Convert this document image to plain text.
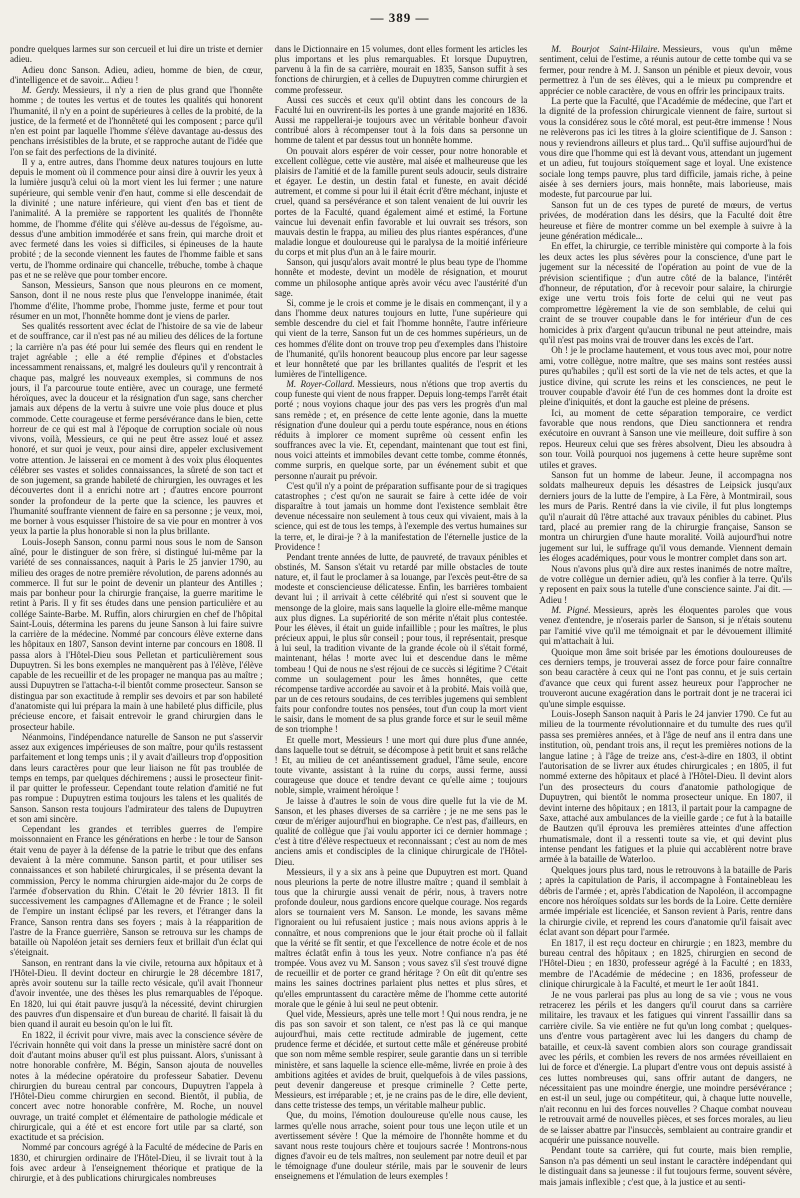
— 389 —

pondre quelques larmes sur son cercueil et lui dire un triste et dernier adieu.

Adieu donc Sanson. Adieu, adieu, homme de bien, de cœur, d'intelligence et de savoir... Adieu !

M. Gerdy. Messieurs, il n'y a rien de plus grand que l'honnête homme ; de toutes les vertus et de toutes les qualités qui honorent l'humanité, il n'y en a point de supérieures à celles de la probité, de la justice, de la fermeté et de l'honnêteté qui les composent ; parce qu'il n'en est point par laquelle l'homme s'élève davantage au-dessus des penchans irrésistibles de la brute, et se rapproche autant de l'idée que l'on se fait des perfections de la divinité.

Il y a, entre autres, dans l'homme deux natures toujours en lutte depuis le moment où il commence pour ainsi dire à ouvrir les yeux à la lumière jusqu'à celui où la mort vient les lui fermer ; une nature supérieure, qui semble venir d'en haut, comme si elle descendait de la divinité ; une nature inférieure, qui vient d'en bas et tient de l'animalité. A la première se rapportent les qualités de l'honnête homme, de l'homme d'élite qui s'élève au-dessus de l'égoïsme, au-dessus d'une ambition immodérée et sans frein, qui marche droit et avec fermeté dans les voies si difficiles, si épineuses de la haute probité ; de la seconde viennent les fautes de l'homme faible et sans vertu, de l'homme ordinaire qui chancelle, trébuche, tombe à chaque pas et ne se relève que pour tomber encore.

Sanson, Messieurs, Sanson que nous pleurons en ce moment, Sanson, dont il ne nous reste plus que l'enveloppe inanimée, était l'homme d'élite, l'homme probe, l'homme juste, ferme et pour tout résumer en un mot, l'honnête homme dont je viens de parler.

Ses qualités ressortent avec éclat de l'histoire de sa vie de labeur et de souffrance, car il n'est pas né au milieu des délices de la fortune ; la carrière n'a pas été pour lui semée des fleurs qui en rendent le trajet agréable ; elle a été remplie d'épines et d'obstacles incessamment renaissans, et, malgré les douleurs qu'il y rencontrait à chaque pas, malgré les nouveaux exemples, si communs de nos jours, il l'a parcourue toute entière, avec un courage, une fermeté héroïques, avec la douceur et la résignation d'un sage, sans chercher jamais aux dépens de la vertu à suivre une voie plus douce et plus commode. Cette courageuse et ferme persévérance dans le bien, cette horreur de ce qui est mal à l'époque de corruption sociale où nous vivons, voilà, Messieurs, ce qui ne peut être assez loué et assez honoré, et sur quoi je veux, pour ainsi dire, appeler exclusivement votre attention. Je laisserai en ce moment à des voix plus éloquentes célébrer ses vastes et solides connaissances, la sûreté de son tact et de son jugement, sa grande habileté de chirurgien, les ouvrages et les découvertes dont il a enrichi notre art ; d'autres encore pourront sonder la profondeur de la perte que la science, les pauvres et l'humanité souffrante viennent de faire en sa personne ; je veux, moi, me borner à vous esquisser l'histoire de sa vie pour en montrer à vos yeux la partie la plus honorable si non la plus brillante.

Louis-Joseph Sanson, connu parmi nous sous le nom de Sanson aîné, pour le distinguer de son frère, si distingué lui-même par la variété de ses connaissances, naquit à Paris le 25 janvier 1790, au milieu des orages de notre première révolution, de parens adonnés au commerce. Il fut sur le point de devenir un planteur des Antilles ; mais par bonheur pour la chirurgie française, la guerre maritime le retint à Paris. Il y fit ses études dans une pension particulière et au collége Sainte-Barbe. M. Ruffin, alors chirurgien en chef de l'hôpital Saint-Louis, détermina les parens du jeune Sanson à lui faire suivre la carrière de la médecine. Nommé par concours élève externe dans les hôpitaux en 1807, Sanson devint interne par concours en 1808. Il passa alors à l'Hôtel-Dieu sous Pelletan et particulièrement sous Dupuytren. Si les bons exemples ne manquèrent pas à l'élève, l'élève capable de les recueillir et de les propager ne manqua pas au maître ; aussi Dupuytren se l'attacha-t-il bientôt comme prosecteur. Sanson se distingua par son exactitude à remplir ses devoirs et par son habileté d'anatomiste qui lui prépara la main à une habileté plus difficile, plus précieuse encore, et faisait entrevoir le grand chirurgien dans le prosecteur habile.

Néanmoins, l'indépendance naturelle de Sanson ne put s'asservir assez aux exigences impérieuses de son maître, pour qu'ils restassent parfaitement et long temps unis ; il y avait d'ailleurs trop d'opposition dans leurs caractères pour que leur liaison ne fût pas troublée de temps en temps, par quelques déchiremens ; aussi le prosecteur finit-il par quitter le professeur. Cependant toute relation d'amitié ne fut pas rompue : Dupuytren estima toujours les talens et les qualités de Sanson. Sanson resta toujours l'admirateur des talens de Dupuytren et son ami sincère.

Cependant les grandes et terribles guerres de l'empire moissonnaient en France les générations en herbe : le tour de Sanson était venu de payer à la défense de la patrie le tribut que des enfans devaient à la mère commune. Sanson partit, et pour utiliser ses connaissances et son habileté chirurgicales, il se présenta devant la commission, Percy le nomma chirurgien aide-major du 2e corps de l'armée d'observation du Rhin. C'était le 20 février 1813. Il fit successivement les campagnes d'Allemagne et de France ; le soleil de l'empire un instant éclipsé par les revers, et l'étranger dans la France, Sanson rentra dans ses foyers ; mais à la réapparition de l'astre de la France guerrière, Sanson se retrouva sur les champs de bataille où Napoléon jetait ses derniers feux et brillait d'un éclat qui s'éteignait.

Sanson, en rentrant dans la vie civile, retourna aux hôpitaux et à l'Hôtel-Dieu. Il devint docteur en chirurgie le 28 décembre 1817, après avoir soutenu sur la taille recto vésicale, qu'il avait l'honneur d'avoir inventée, une des thèses les plus remarquables de l'époque. En 1820, lui qui était pauvre jusqu'à la nécessité, devint chirurgien des pauvres d'un dispensaire et d'un bureau de charité. Il faisait là du bien quand il aurait eu besoin qu'on le lui fît.

En 1822, il écrivit pour vivre, mais avec la conscience sévère de l'écrivain honnête qui voit dans la presse un ministère sacré dont on doit d'autant moins abuser qu'il est plus puissant. Alors, s'unissant à notre honorable confrère, M. Bégin, Sanson ajouta de nouvelles notes à la médecine opératoire du professeur Sabatier. Devenu chirurgien du bureau central par concours, Dupuytren l'appela à l'Hôtel-Dieu comme chirurgien en second. Bientôt, il publia, de concert avec notre honorable confrère, M. Roche, un nouvel ouvrage, un traité complet et élémentaire de pathologie médicale et chirurgicale, qui a été et est encore fort utile par sa clarté, son exactitude et sa précision.

Nommé par concours agrégé à la Faculté de médecine de Paris en 1830, et chirurgien ordinaire de l'Hôtel-Dieu, il se livrait tout à la fois avec ardeur à l'enseignement théorique et pratique de la chirurgie, et à des publications chirurgicales nombreuses

dans le Dictionnaire en 15 volumes, dont elles forment les articles les plus importans et les plus remarquables. Et lorsque Dupuytren, parvenu à la fin de sa carrière, mourait en 1835, Sanson suffit à ses fonctions de chirurgien, et à celles de Dupuytren comme chirurgien et comme professeur.

Aussi ces succès et ceux qu'il obtint dans les concours de la Faculté lui en ouvrirent-ils les portes à une grande majorité en 1836. Aussi me rappellerai-je toujours avec un véritable bonheur d'avoir contribué alors à récompenser tout à la fois dans sa personne un homme de talent et par dessus tout un honnête homme.

On pouvait alors espérer de voir cesser, pour notre honorable et excellent collègue, cette vie austère, mal aisée et malheureuse que les plaisirs de l'amitié et de la famille purent seuls adoucir, seuls distraire et égayer. Le destin, un destin fatal et funeste, en avait décidé autrement, et comme si pour lui il était écrit d'être méchant, injuste et cruel, quand sa persévérance et son talent venaient de lui ouvrir les portes de la Faculté, quand également aimé et estimé, la Fortune vaincue lui devenait enfin favorable et lui ouvrait ses trésors, son mauvais destin le frappa, au milieu des plus riantes espérances, d'une maladie longue et douloureuse qui le paralysa de la moitié inférieure du corps et mit plus d'un an à le faire mourir.

Sanson, qui jusqu'alors avait montré le plus beau type de l'homme honnête et modeste, devint un modèle de résignation, et mourut comme un philosophe antique après avoir vécu avec l'austérité d'un sage.

Si, comme je le crois et comme je le disais en commençant, il y a dans l'homme deux natures toujours en lutte, l'une supérieure qui semble descendre du ciel et fait l'homme honnête, l'autre inférieure qui vient de la terre, Sanson fut un de ces hommes supérieurs, un de ces hommes d'élite dont on trouve trop peu d'exemples dans l'histoire de l'humanité, qu'ils honorent beaucoup plus encore par leur sagesse et leur honnêteté que par les brillantes qualités de l'esprit et les lumières de l'intelligence.

M. Royer-Collard. Messieurs, nous n'étions que trop avertis du coup funeste qui vient de nous frapper. Depuis long-temps l'arrêt était porté ; nous voyions chaque jour des pas vers les progrès d'un mal sans remède ; et, en présence de cette lente agonie, dans la muette résignation d'une douleur qui a perdu toute espérance, nous en étions réduits à implorer ce moment suprême où cessent enfin les souffrances avec la vie. Et, cependant, maintenant que tout est fini, nous voici atteints et immobiles devant cette tombe, comme étonnés, comme surpris, en quelque sorte, par un événement subit et que personne n'aurait pu prévoir.

C'est qu'il n'y a point de préparation suffisante pour de si tragiques catastrophes ; c'est qu'on ne saurait se faire à cette idée de voir disparaître à tout jamais un homme dont l'existence semblait être devenue nécessaire non seulement à tous ceux qui vivaient, mais à la science, qui est de tous les temps, à l'exemple des vertus humaines sur la terre, et, le dirai-je ? à la manifestation de l'éternelle justice de la Providence !

Pendant trente années de lutte, de pauvreté, de travaux pénibles et obstinés, M. Sanson s'était vu retardé par mille obstacles de toute nature, et, il faut le proclamer à sa louange, par l'excès peut-être de sa modeste et consciencieuse délicatesse. Enfin, les barrières tombaient devant lui ; il arrivait à cette célébrité qui n'est si souvent que le mensonge de la gloire, mais sans laquelle la gloire elle-même manque aux plus dignes. La supériorité de son mérite n'était plus contestée. Pour les élèves, il était un guide infaillible ; pour les maîtres, le plus précieux appui, le plus sûr conseil ; pour tous, il représentait, presque à lui seul, la tradition vivante de la grande école où il s'était formé, maintenant, hélas ! morte avec lui et descendue dans le même tombeau ! Qui de nous ne s'est réjoui de ce succès si légitime ? C'était comme un soulagement pour les âmes honnêtes, que cette récompense tardive accordée au savoir et à la probité. Mais voilà que, par un de ces retours soudains, de ces terribles jugemens qui semblent faits pour confondre toutes nos pensées, tout d'un coup la mort vient le saisir, dans le moment de sa plus grande force et sur le seuil même de son triomphe !

Et quelle mort, Messieurs ! une mort qui dure plus d'une année, dans laquelle tout se détruit, se décompose à petit bruit et sans relâche ! Et, au milieu de cet anéantissement graduel, l'âme seule, encore toute vivante, assistant à la ruine du corps, aussi ferme, aussi courageuse que douce et tendre devant ce qu'elle aime ; toujours noble, simple, vraiment héroïque !

Je laisse à d'autres le soin de vous dire quelle fut la vie de M. Sanson, et les phases diverses de sa carrière ; je ne me sens pas le cœur de m'ériger aujourd'hui en biographe. Ce n'est pas, d'ailleurs, en qualité de collègue que j'ai voulu apporter ici ce dernier hommage ; c'est à titre d'élève respectueux et reconnaissant ; c'est au nom de mes anciens amis et condisciples de la clinique chirurgicale de l'Hôtel-Dieu.

Messieurs, il y a six ans à peine que Dupuytren est mort. Quand nous pleurions la perte de notre illustre maître ; quand il semblait à tous que la chirurgie aussi venait de périr, nous, à travers notre profonde douleur, nous gardions encore quelque courage. Nos regards alors se tournaient vers M. Sanson. Le monde, les savans même l'ignoraient ou lui refusaient justice ; mais nous avions appris à le connaître, et nous comprenions que le jour était proche où il fallait que la vérité se fît sentir, et que l'excellence de notre école et de nos maîtres éclatât enfin à tous les yeux. Notre confiance n'a pas été trompée. Vous avez vu M. Sanson ; vous savez s'il s'est trouvé digne de recueillir et de porter ce grand héritage ? On eût dit qu'entre ses mains les saines doctrines parlaient plus nettes et plus sûres, et qu'elles empruntassent du caractère même de l'homme cette autorité morale que le génie à lui seul ne peut obtenir.

Quel vide, Messieurs, après une telle mort ! Qui nous rendra, je ne dis pas son savoir et son talent, ce n'est pas là ce qui manque aujourd'hui, mais cette rectitude admirable de jugement, cette prudence ferme et décidée, et surtout cette mâle et généreuse probité que son nom même semble respirer, seule garantie dans un si terrible ministère, et sans laquelle la science elle-même, livrée en proie à des ambitions agitées et avides de bruit, quelquefois à de viles passions, peut devenir dangereuse et presque criminelle ? Cette perte, Messieurs, est irréparable ; et, je ne crains pas de le dire, elle devient, dans cette tristesse des temps, un véritable malheur public.

Que, du moins, l'émotion douloureuse qu'elle nous cause, les larmes qu'elle nous arrache, soient pour tous une leçon utile et un avertissement sévère ! Que la mémoire de l'honnête homme et du savant nous reste toujours chère et toujours sacrée ! Montrons-nous dignes d'avoir eu de tels maîtres, non seulement par notre deuil et par le témoignage d'une douleur stérile, mais par le souvenir de leurs enseignemens et l'émulation de leurs exemples !

M. Bourjot Saint-Hilaire. Messieurs, vous qu'un même sentiment, celui de l'estime, a réunis autour de cette tombe qui va se fermer, pour rendre à M. J. Sanson un pénible et pieux devoir, vous permettrez à l'un de ses élèves, qui a le mieux pu comprendre et apprécier ce noble caractère, de vous en offrir les principaux traits.

La perte que la Faculté, que l'Académie de médecine, que l'art et la dignité de la profession chirurgicale viennent de faire, surtout si vous la considérez sous le côté moral, est peut-être immense ! Nous ne relèverons pas ici les titres à la gloire scientifique de J. Sanson : nous y reviendrons ailleurs et plus tard... Qu'il suffise aujourd'hui de vous dire que l'homme qui est là devant vous, attendant un jugement et un adieu, fut toujours stoïquement sage et loyal. Une existence sociale long temps pauvre, plus tard difficile, jamais riche, à peine aisée à ses derniers jours, mais honnête, mais laborieuse, mais modeste, fut parcourue par lui.

Sanson fut un de ces types de pureté de mœurs, de vertus privées, de modération dans les désirs, que la Faculté doit être heureuse et fière de montrer comme un bel exemple à suivre à la jeune génération médicale...

En effet, la chirurgie, ce terrible ministère qui comporte à la fois les deux actes les plus sévères pour la conscience, d'une part le jugement sur la nécessité de l'opération au point de vue de la prévision scientifique ; d'un autre côté de la balance, l'intérêt d'honneur, de réputation, d'or à recevoir pour salaire, la chirurgie exige une vertu trois fois forte de celui qui ne veut pas compromettre légèrement la vie de son semblable, de celui qui craint de se trouver coupable dans le for intérieur d'un de ces homicides à prix d'argent qu'aucun tribunal ne peut atteindre, mais qu'il n'est pas moins vrai de trouver dans les excès de l'art.

Oh ! je le proclame hautement, et vous tous avec moi, pour notre ami, votre collègue, notre maître, que ses mains sont restées aussi pures qu'habiles ; qu'il est sorti de la vie net de tels actes, et que la justice divine, qui scrute les reins et les consciences, ne peut le trouver coupable d'avoir été l'un de ces hommes dont la droite est pleine d'iniquités, et dont la gauche est pleine de présens.

Ici, au moment de cette séparation temporaire, ce verdict favorable que nous rendons, que Dieu sanctionnera et rendra exécutoire en ouvrant à Sanson une vie meilleure, doit suffire à son repos. Heureux celui que ses frères absolvent, Dieu les absoudra à son tour. Voilà pourquoi nos jugemens à cette heure suprême sont utiles et graves.

Sanson fut un homme de labeur. Jeune, il accompagna nos soldats malheureux depuis les désastres de Leipsick jusqu'aux derniers jours de la lutte de l'empire, à La Fère, à Montmirail, sous les murs de Paris. Rentré dans la vie civile, il fut plus longtemps qu'il n'aurait dû l'être attaché aux travaux pénibles du cabinet. Plus tard, placé au premier rang de la chirurgie française, Sanson se montra un chirurgien d'une haute moralité. Voilà aujourd'hui notre jugement sur lui, le suffrage qu'il vous demande. Viennent demain les éloges académiques, pour vous le montrer complet dans son art.

Nous n'avons plus qu'à dire aux restes inanimés de notre maître, de votre collègue un dernier adieu, qu'à les confier à la terre. Qu'ils y reposent en paix sous la tutelle d'une conscience sainte. J'ai dit. — Adieu !

M. Pigné. Messieurs, après les éloquentes paroles que vous venez d'entendre, je n'oserais parler de Sanson, si je n'étais soutenu par l'amitié vive qu'il me témoignait et par le dévouement illimité qui m'attachait à lui.

Quoique mon âme soit brisée par les émotions douloureuses de ces derniers temps, je trouverai assez de force pour faire connaître son beau caractère à ceux qui ne l'ont pas connu, et je suis certain d'avance que ceux qui furent assez heureux pour l'approcher ne trouveront aucune exagération dans le portrait dont je ne tracerai ici qu'une simple esquisse.

Louis-Joseph Sanson naquit à Paris le 24 janvier 1790. Ce fut au milieu de la tourmente révolutionnaire et du tumulte des rues qu'il passa ses premières années, et à l'âge de neuf ans il entra dans une institution, où, pendant trois ans, il reçut les premières notions de la langue latine ; à l'âge de treize ans, c'est-à-dire en 1803, il obtint l'autorisation de se livrer aux études chirurgicales ; en 1805, il fut nommé externe des hôpitaux et placé à l'Hôtel-Dieu. Il devint alors l'un des prosecteurs du cours d'anatomie pathologique de Dupuytren, qui bientôt le nomma prosecteur unique. En 1807, il devint interne des hôpitaux ; en 1813, il partait pour la campagne de Saxe, attaché aux ambulances de la vieille garde ; ce fut à la bataille de Bautzen qu'il éprouva les premières atteintes d'une affection rhumatismale, dont il a ressenti toute sa vie, et qui devint plus intense pendant les fatigues et la pluie qui accablèrent notre brave armée à la bataille de Waterloo.

Quelques jours plus tard, nous le retrouvons à la bataille de Paris ; après la capitulation de Paris, il accompagne à Fontainebleau les débris de l'armée ; et, après l'abdication de Napoléon, il accompagne encore nos héroïques soldats sur les bords de la Loire. Cette dernière armée impériale est licenciée, et Sanson revient à Paris, rentre dans la chirurgie civile, et reprend les cours d'anatomie qu'il faisait avec éclat avant son départ pour l'armée.

En 1817, il est reçu docteur en chirurgie ; en 1823, membre du bureau central des hôpitaux ; en 1825, chirurgien en second de l'Hôtel-Dieu ; en 1830, professeur agrégé à la Faculté ; en 1833, membre de l'Académie de médecine ; en 1836, professeur de clinique chirurgicale à la Faculté, et meurt le 1er août 1841.

Je ne vous parlerai pas plus au long de sa vie ; vous ne vous retracerez les périls et les dangers qu'il courut dans sa carrière militaire, les travaux et les fatigues qui vinrent l'assaillir dans sa carrière civile. Sa vie entière ne fut qu'un long combat ; quelques-uns d'entre vous partagèrent avec lui les dangers du champ de bataille, et ceux-là savent combien alors son courage grandissait avec les périls, et combien les revers de nos armées réveillaient en lui de force et d'énergie. La plupart d'entre vous ont depuis assisté à ces luttes nombreuses qui, sans offrir autant de dangers, ne nécessitaient pas une moindre énergie, une moindre persévérance ; en est-il un seul, juge ou compétiteur, qui, à chaque lutte nouvelle, n'ait reconnu en lui des forces nouvelles ? Chaque combat nouveau le retrouvait armé de nouvelles pièces, et ses forces morales, au lieu de se laisser abattre par l'insuccès, semblaient au contraire grandir et acquérir une puissance nouvelle.

Pendant toute sa carrière, qui fut courte, mais bien remplie, Sanson n'a pas démenti un seul instant le caractère indépendant qui le distinguait dans sa jeunesse : il fut toujours ferme, souvent sévère, mais jamais inflexible ; c'est que, à la justice et au senti-
